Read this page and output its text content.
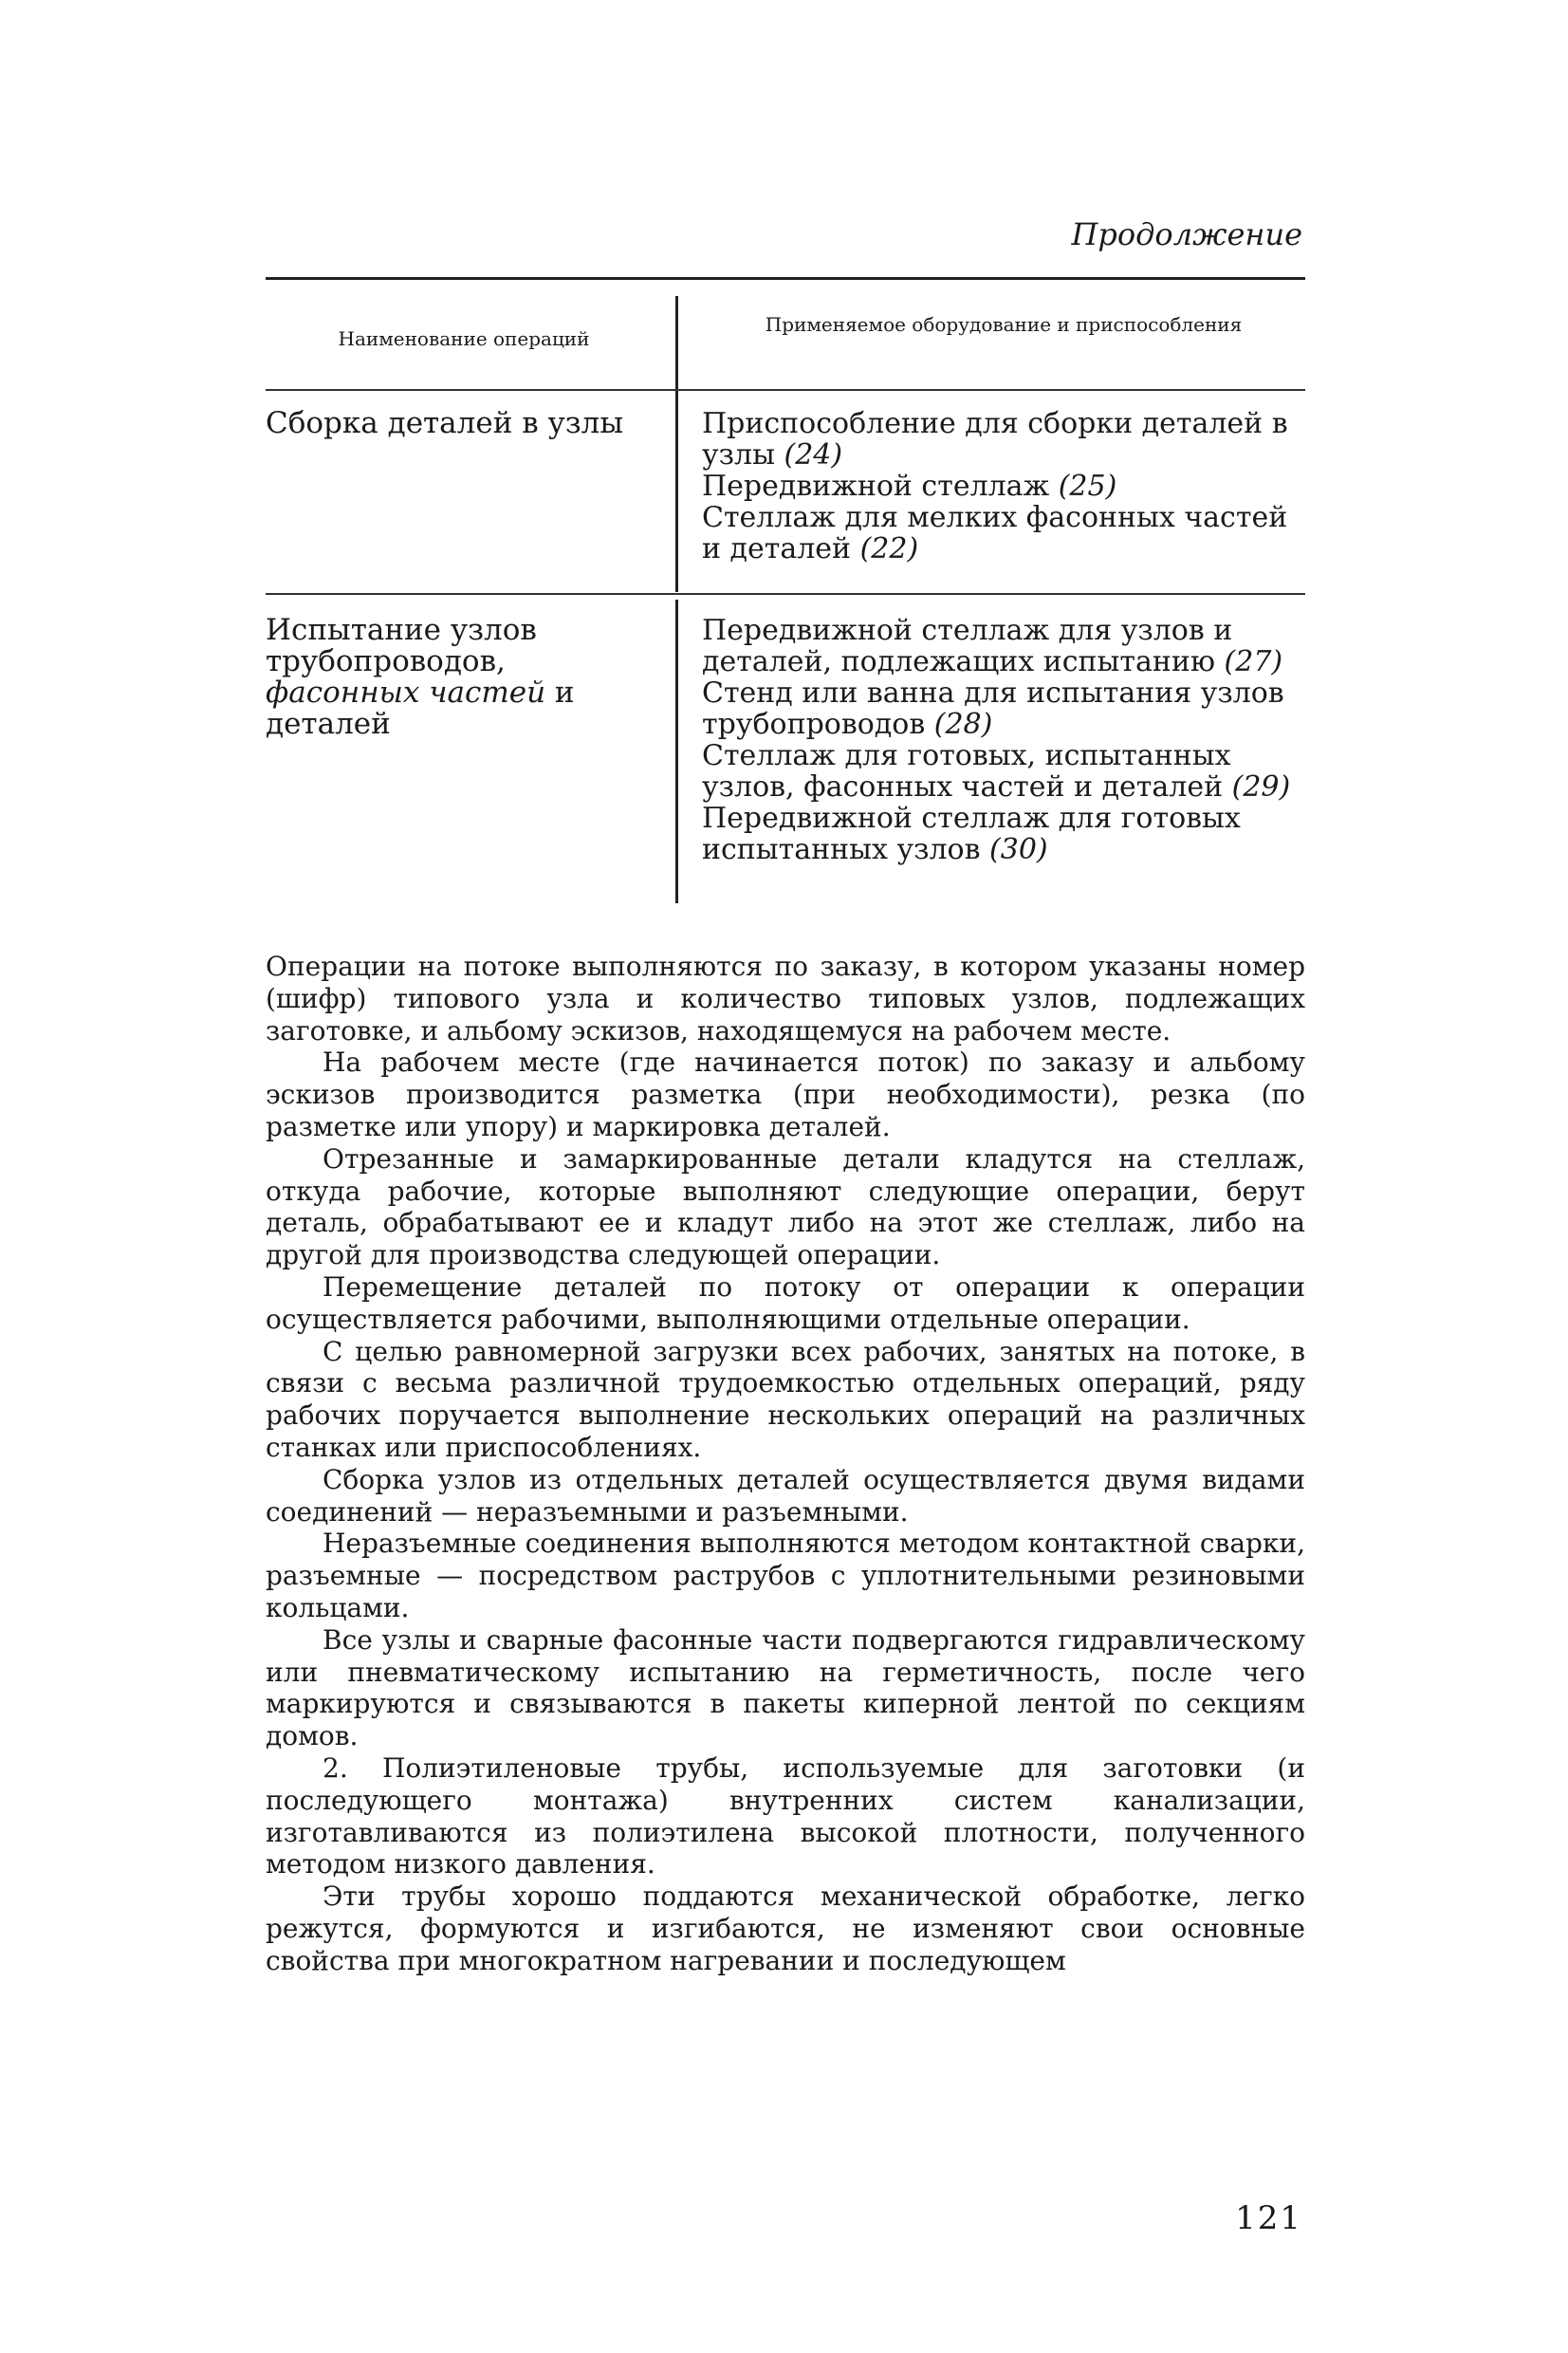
Продолжение
Наименование операций
Применяемое оборудование и приспособления
Сборка деталей в узлы	Приспособление для сборки деталей в узлы (24)
Передвижной стеллаж (25)
Стеллаж для мелких фасонных частей и деталей (22)
Испытание узлов трубопроводов, фасонных частей и деталей
Передвижной стеллаж для узлов и деталей, подлежащих испытанию (27)
Стенд или ванна для испытания узлов трубопроводов (28)
Стеллаж для готовых, испытанных узлов, фасонных частей и деталей (29)
Передвижной стеллаж для готовых испытанных узлов (30)

Операции на потоке выполняются по заказу, в котором указаны номер (шифр) типового узла и количество типовых узлов, подлежащих заготовке, и альбому эскизов, находящемуся на рабочем месте.

На рабочем месте (где начинается поток) по заказу и альбому эскизов производится разметка (при необходимости), резка (по разметке или упору) и маркировка деталей.

Отрезанные и замаркированные детали кладутся на стеллаж, откуда рабочие, которые выполняют следующие операции, берут деталь, обрабатывают ее и кладут либо на этот же стеллаж, либо на другой для производства следующей операции.

Перемещение деталей по потоку от операции к операции осуществляется рабочими, выполняющими отдельные операции.

С целью равномерной загрузки всех рабочих, занятых на потоке, в связи с весьма различной трудоемкостью отдельных операций, ряду рабочих поручается выполнение нескольких операций на различных станках или приспособлениях.

Сборка узлов из отдельных деталей осуществляется двумя видами соединений — неразъемными и разъемными.

Неразъемные соединения выполняются методом контактной сварки, разъемные — посредством раструбов с уплотнительными резиновыми кольцами.

Все узлы и сварные фасонные части подвергаются гидравлическому или пневматическому испытанию на герметичность, после чего маркируются и связываются в пакеты киперной лентой по секциям домов.

2. Полиэтиленовые трубы, используемые для заготовки (и последующего монтажа) внутренних систем канализации, изготавливаются из полиэтилена высокой плотности, полученного методом низкого давления.

Эти трубы хорошо поддаются механической обработке, легко режутся, формуются и изгибаются, не изменяют свои основные свойства при многократном нагревании и последующем

121
